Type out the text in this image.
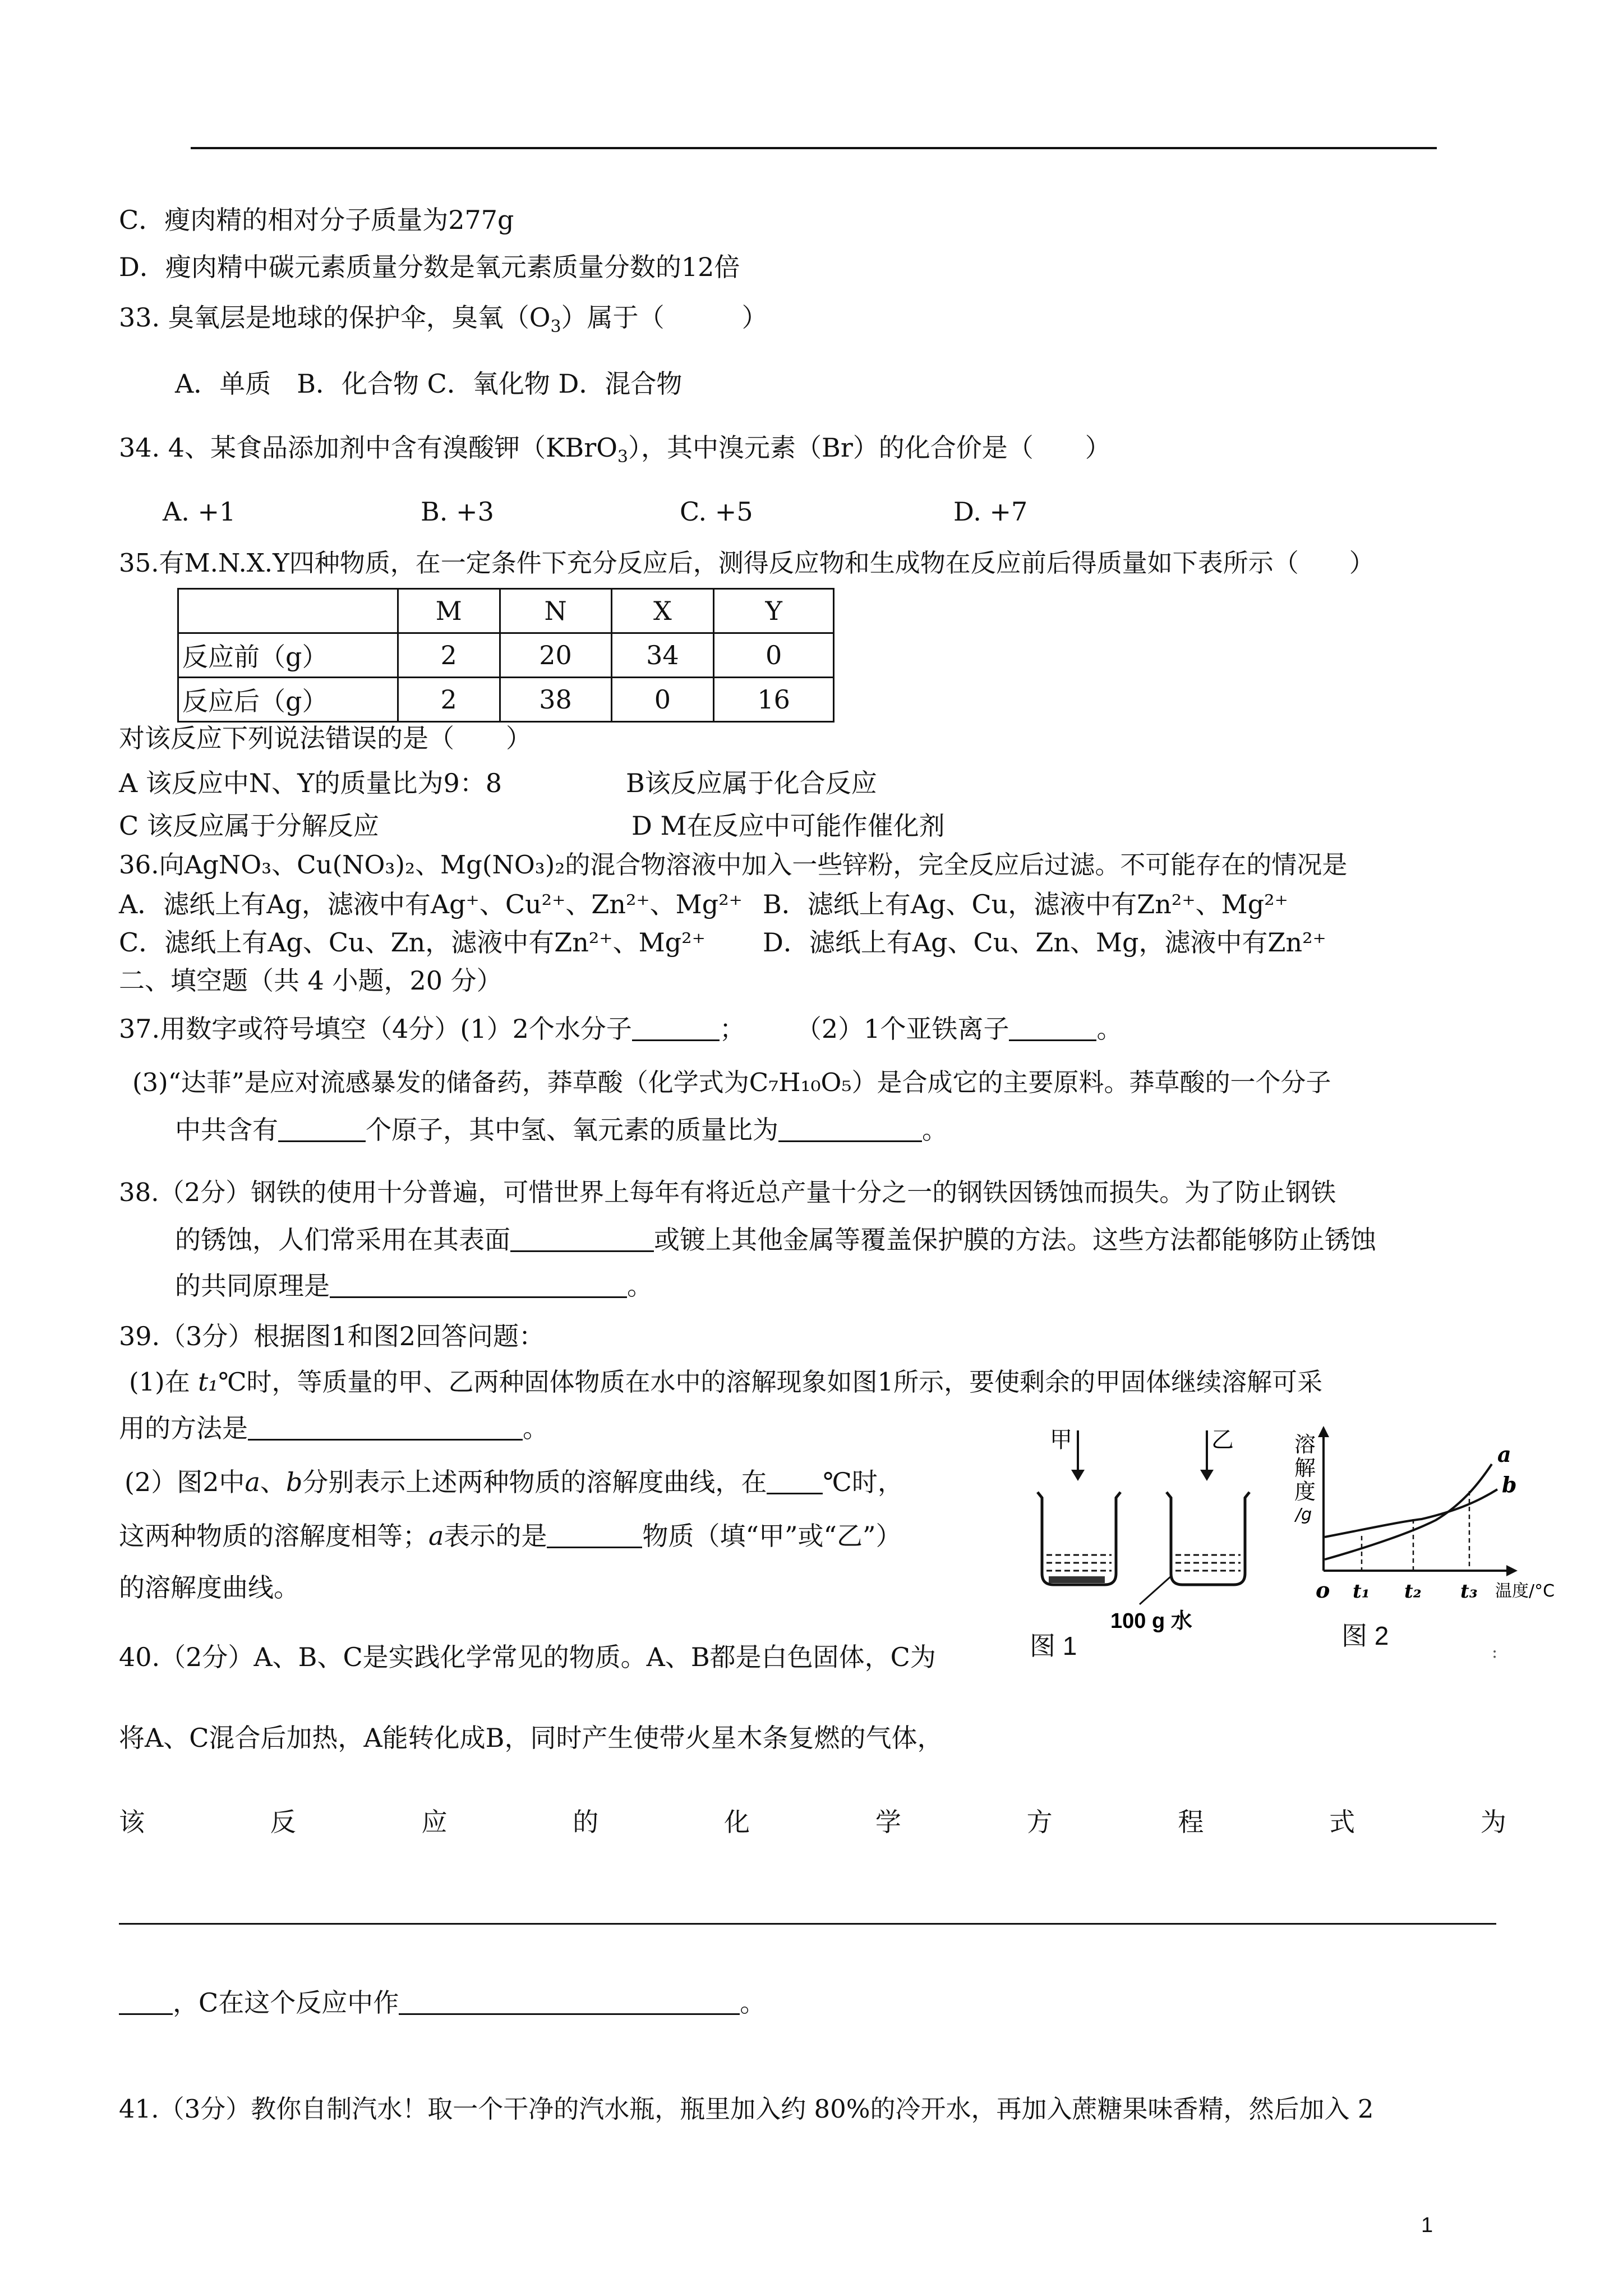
C．瘦肉精的相对分子质量为277g
D．瘦肉精中碳元素质量分数是氧元素质量分数的12倍
33. 臭氧层是地球的保护伞，臭氧$(O_3)$属于（　　　）
A．单质　B．化合物 C．氧化物 D．混合物
34. 4、某食品添加剂中含有溴酸钾（KBrO$_3$），其中溴元素（Br）的化合价是（　　）
A. +1	B. +3	C. +5	D. +7
35.有M.N.X.Y四种物质，在一定条件下充分反应后，测得反应物和生成物在反应前后得质量如下表所示（　　）
	M	N	X	Y
反应前（g）	2	20	34	0
反应后（g）	2	38	0	16
对该反应下列说法错误的是（　　）
A 该反应中N、Y的质量比为9：8	B该反应属于化合反应
C 该反应属于分解反应	D M在反应中可能作催化剂
36.向AgNO₃、Cu(NO₃)₂、Mg(NO₃)₂的混合物溶液中加入一些锌粉，完全反应后过滤。不可能存在的情况是
A．滤纸上有Ag，滤液中有Ag⁺、Cu²⁺、Zn²⁺、Mg²⁺ B．滤纸上有Ag、Cu，滤液中有Zn²⁺、Mg²⁺
C．滤纸上有Ag、Cu、Zn，滤液中有Zn²⁺、Mg²⁺ D．滤纸上有Ag、Cu、Zn、Mg，滤液中有Zn²⁺
二、填空题（共 4 小题，20 分）
37.用数字或符号填空（4分）(1）2个水分子	； （2）1个亚铁离子	。
(3)“达菲”是应对流感暴发的储备药，莽草酸（化学式为C₇H₁₀O₅）是合成它的主要原料。莽草酸的一个分子
中共含有	个原子，其中氢、氧元素的质量比为	。
38.（2分）钢铁的使用十分普遍，可惜世界上每年有将近总产量十分之一的钢铁因锈蚀而损失。为了防止钢铁
的锈蚀，人们常采用在其表面	或镀上其他金属等覆盖保护膜的方法。这些方法都能够防止锈蚀
的共同原理是	。
39.（3分）根据图1和图2回答问题：
(1)在 t₁℃时，等质量的甲、乙两种固体物质在水中的溶解现象如图1所示，要使剩余的甲固体继续溶解可采
用的方法是	。
(2）图2中a、b分别表示上述两种物质的溶解度曲线，在 ℃时，
这两种物质的溶解度相等；a表示的是	物质（填“甲”或“乙”）
的溶解度曲线。
甲	乙
100 g 水
图 1
溶
解
度
/g
a
b
o t₁ t₂ t₃ 温度/°C
图 2
40.（2分）A、B、C是实践化学常见的物质。A、B都是白色固体，C为	:
将A、C混合后加热，A能转化成B，同时产生使带火星木条复燃的气体，
该	反	应	的	化	学	方	程	式	为
，C在这个反应中作	。
41.（3分）教你自制汽水！取一个干净的汽水瓶，瓶里加入约 80%的冷开水，再加入蔗糖果味香精，然后加入 2
1
